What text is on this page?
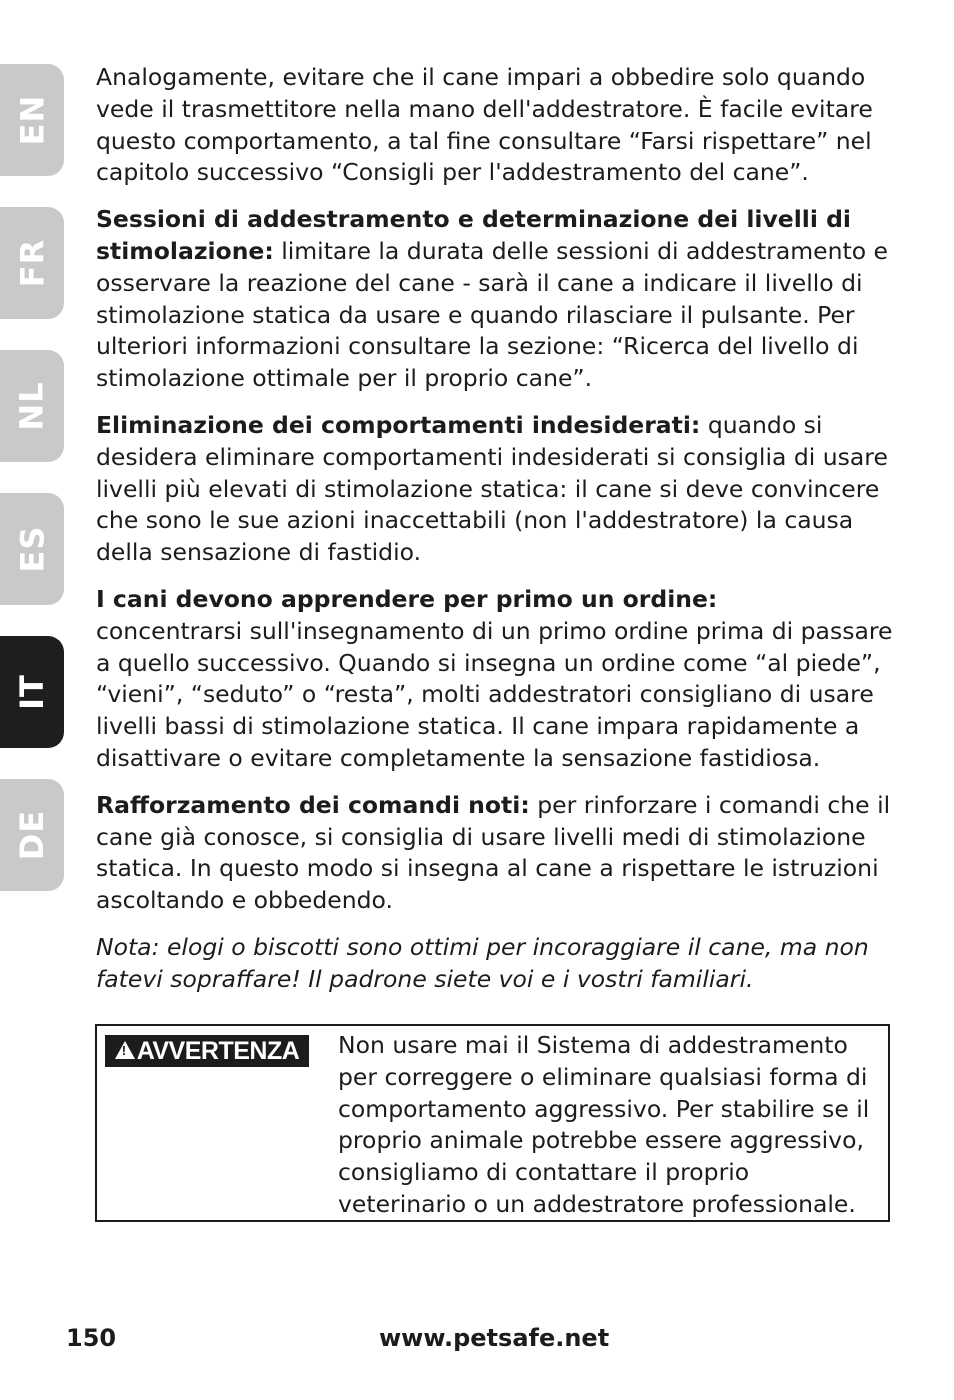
EN
FR
NL
ES
IT
DE

Analogamente, evitare che il cane impari a obbedire solo quando vede il trasmettitore nella mano dell'addestratore. È facile evitare questo comportamento, a tal fine consultare “Farsi rispettare” nel capitolo successivo “Consigli per l'addestramento del cane”.

Sessioni di addestramento e determinazione dei livelli di stimolazione: limitare la durata delle sessioni di addestramento e osservare la reazione del cane - sarà il cane a indicare il livello di stimolazione statica da usare e quando rilasciare il pulsante. Per ulteriori informazioni consultare la sezione: “Ricerca del livello di stimolazione ottimale per il proprio cane”.

Eliminazione dei comportamenti indesiderati: quando si desidera eliminare comportamenti indesiderati si consiglia di usare livelli più elevati di stimolazione statica: il cane si deve convincere che sono le sue azioni inaccettabili (non l'addestratore) la causa della sensazione di fastidio.

I cani devono apprendere per primo un ordine:
concentrarsi sull'insegnamento di un primo ordine prima di passare a quello successivo. Quando si insegna un ordine come “al piede”, “vieni”, “seduto” o “resta”, molti addestratori consigliano di usare livelli bassi di stimolazione statica. Il cane impara rapidamente a disattivare o evitare completamente la sensazione fastidiosa.

Rafforzamento dei comandi noti: per rinforzare i comandi che il cane già conosce, si consiglia di usare livelli medi di stimolazione statica. In questo modo si insegna al cane a rispettare le istruzioni ascoltando e obbedendo.

Nota: elogi o biscotti sono ottimi per incoraggiare il cane, ma non fatevi sopraffare! Il padrone siete voi e i vostri familiari.

!
AVVERTENZA Non usare mai il Sistema di addestramento per correggere o eliminare qualsiasi forma di comportamento aggressivo. Per stabilire se il proprio animale potrebbe essere aggressivo, consigliamo di contattare il proprio veterinario o un addestratore professionale.
150	www.petsafe.net
